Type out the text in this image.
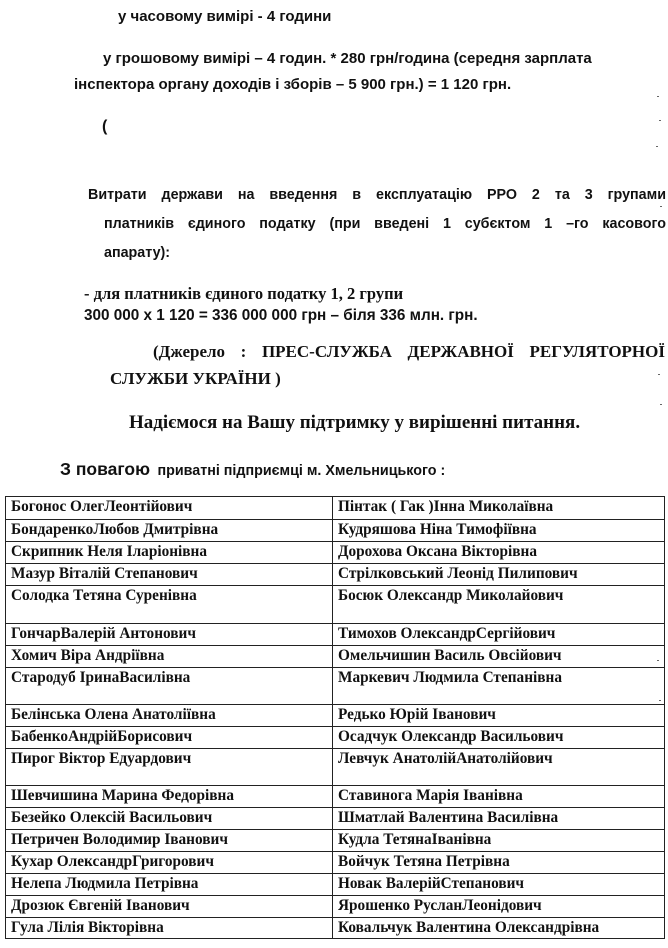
у часовому вимірі - 4 години
у грошовому вимірі – 4 годин. * 280 грн/година (середня зарплата
інспектора органу доходів і зборів – 5 900 грн.) = 1 120 грн.
(
Витрати держави на введення в експлуатацію РРО 2 та 3 групами
платників єдиного податку (при введені 1 субєктом 1 –го касового
апарату):
- для платників єдиного податку 1, 2 групи
300 000 x 1 120 = 336 000 000 грн – біля 336 млн. грн.
(Джерело : ПРЕС-СЛУЖБА ДЕРЖАВНОЇ РЕГУЛЯТОРНОЇ
СЛУЖБИ УКРАЇНИ )
Надіємося на Вашу підтримку у вирішенні питання.
З повагою приватні підприємці м. Хмельницького :
Богонос ОлегЛеонтійович	Пінтак ( Гак )Інна Миколаївна
БондаренкоЛюбов Дмитрівна	Кудряшова Ніна Тимофіївна
Скрипник Неля Іларіонівна	Дорохова Оксана Вікторівна
Мазур Віталій Степанович	Стрілковський Леонід Пилипович
Солодка Тетяна Суренівна	Босюк Олександр Миколайович
ГончарВалерій Антонович	Тимохов ОлександрСергійович
Хомич Віра Андріївна	Омельчишин Василь Овсійович
Стародуб ІринаВасилівна	Маркевич Людмила Степанівна
Белінська Олена Анатоліївна	Редько Юрій Іванович
БабенкоАндрійБорисович	Осадчук Олександр Васильович
Пирог Віктор Едуардович	Левчук АнатолійАнатолійович
Шевчишина Марина Федорівна	Ставинога Марія Іванівна
Безейко Олексій Васильович	Шматлай Валентина Василівна
Петричен Володимир Іванович	Кудла ТетянаІванівна
Кухар ОлександрГригорович	Войчук Тетяна Петрівна
Нелепа Людмила Петрівна	Новак ВалерійСтепанович
Дрозюк Євгеній Іванович	Ярошенко РусланЛеонідович
Гула Лілія Вікторівна	Ковальчук Валентина Олександрівна
